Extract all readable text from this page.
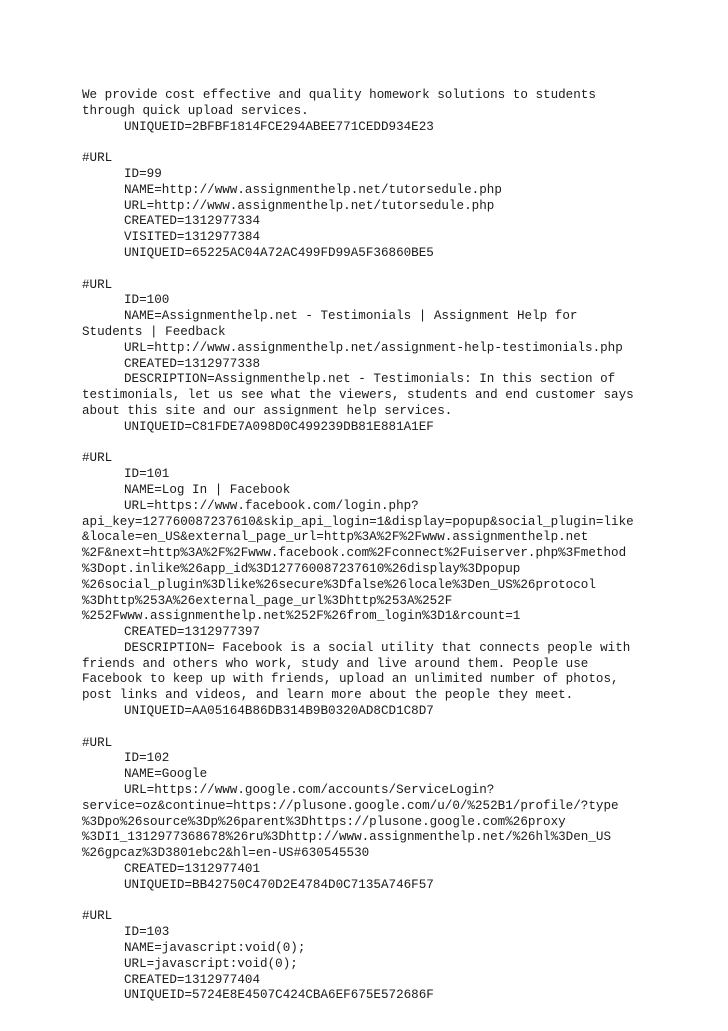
We provide cost effective and quality homework solutions to students
through quick upload services.
UNIQUEID=2BFBF1814FCE294ABEE771CEDD934E23
#URL
ID=99
NAME=http://www.assignmenthelp.net/tutorsedule.php
URL=http://www.assignmenthelp.net/tutorsedule.php
CREATED=1312977334
VISITED=1312977384
UNIQUEID=65225AC04A72AC499FD99A5F36860BE5
#URL
ID=100
NAME=Assignmenthelp.net - Testimonials | Assignment Help for
Students | Feedback
URL=http://www.assignmenthelp.net/assignment-help-testimonials.php
CREATED=1312977338
DESCRIPTION=Assignmenthelp.net - Testimonials: In this section of
testimonials, let us see what the viewers, students and end customer says
about this site and our assignment help services.
UNIQUEID=C81FDE7A098D0C499239DB81E881A1EF
#URL
ID=101
NAME=Log In | Facebook
URL=https://www.facebook.com/login.php?
api_key=127760087237610&skip_api_login=1&display=popup&social_plugin=like
&locale=en_US&external_page_url=http%3A%2F%2Fwww.assignmenthelp.net
%2F&next=http%3A%2F%2Fwww.facebook.com%2Fconnect%2Fuiserver.php%3Fmethod
%3Dopt.inlike%26app_id%3D127760087237610%26display%3Dpopup
%26social_plugin%3Dlike%26secure%3Dfalse%26locale%3Den_US%26protocol
%3Dhttp%253A%26external_page_url%3Dhttp%253A%252F
%252Fwww.assignmenthelp.net%252F%26from_login%3D1&rcount=1
CREATED=1312977397
DESCRIPTION= Facebook is a social utility that connects people with
friends and others who work, study and live around them. People use
Facebook to keep up with friends, upload an unlimited number of photos,
post links and videos, and learn more about the people they meet.
UNIQUEID=AA05164B86DB314B9B0320AD8CD1C8D7
#URL
ID=102
NAME=Google
URL=https://www.google.com/accounts/ServiceLogin?
service=oz&continue=https://plusone.google.com/u/0/%252B1/profile/?type
%3Dpo%26source%3Dp%26parent%3Dhttps://plusone.google.com%26proxy
%3DI1_1312977368678%26ru%3Dhttp://www.assignmenthelp.net/%26hl%3Den_US
%26gpcaz%3D3801ebc2&hl=en-US#630545530
CREATED=1312977401
UNIQUEID=BB42750C470D2E4784D0C7135A746F57
#URL
ID=103
NAME=javascript:void(0);
URL=javascript:void(0);
CREATED=1312977404
UNIQUEID=5724E8E4507C424CBA6EF675E572686F
